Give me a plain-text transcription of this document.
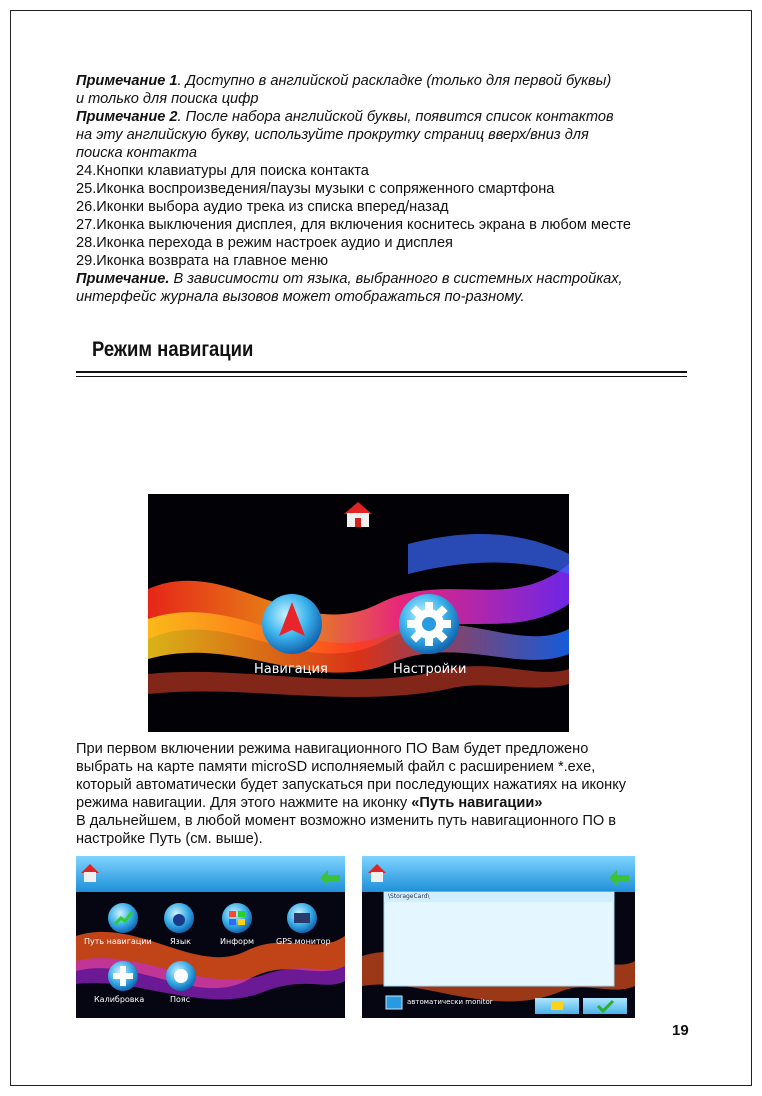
Примечание 1. Доступно в английской раскладке (только для первой буквы)

и только для поиска цифр

Примечание 2. После набора английской буквы, появится список контактов

на эту английскую букву, используйте прокрутку страниц вверх/вниз для

поиска контакта

24.Кнопки клавиатуры для поиска контакта

25.Иконка воспроизведения/паузы музыки с сопряженного смартфона

26.Иконки выбора аудио трека из списка вперед/назад

27.Иконка выключения дисплея, для включения коснитесь экрана в любом месте

28.Иконка перехода в режим настроек аудио и дисплея

29.Иконка возврата на главное меню

Примечание. В зависимости от языка, выбранного в системных настройках,

интерфейс журнала вызовов может отображаться по-разному.

Режим навигации
Навигация	Настройки

При первом включении режима навигационного ПО Вам будет предложено

выбрать на карте памяти microSD исполняемый файл с расширением *.exe,

который автоматически будет запускаться при последующих нажатиях на иконку

режима навигации. Для этого нажмите на иконку «Путь навигации»

В дальнейшем, в любой момент возможно изменить путь навигационного ПО в

настройке Путь (см. выше).

Путь навигации Язык	Информ	GPS монитор
Калибровка	Пояс
\StorageCard\
автоматически monitor
19
